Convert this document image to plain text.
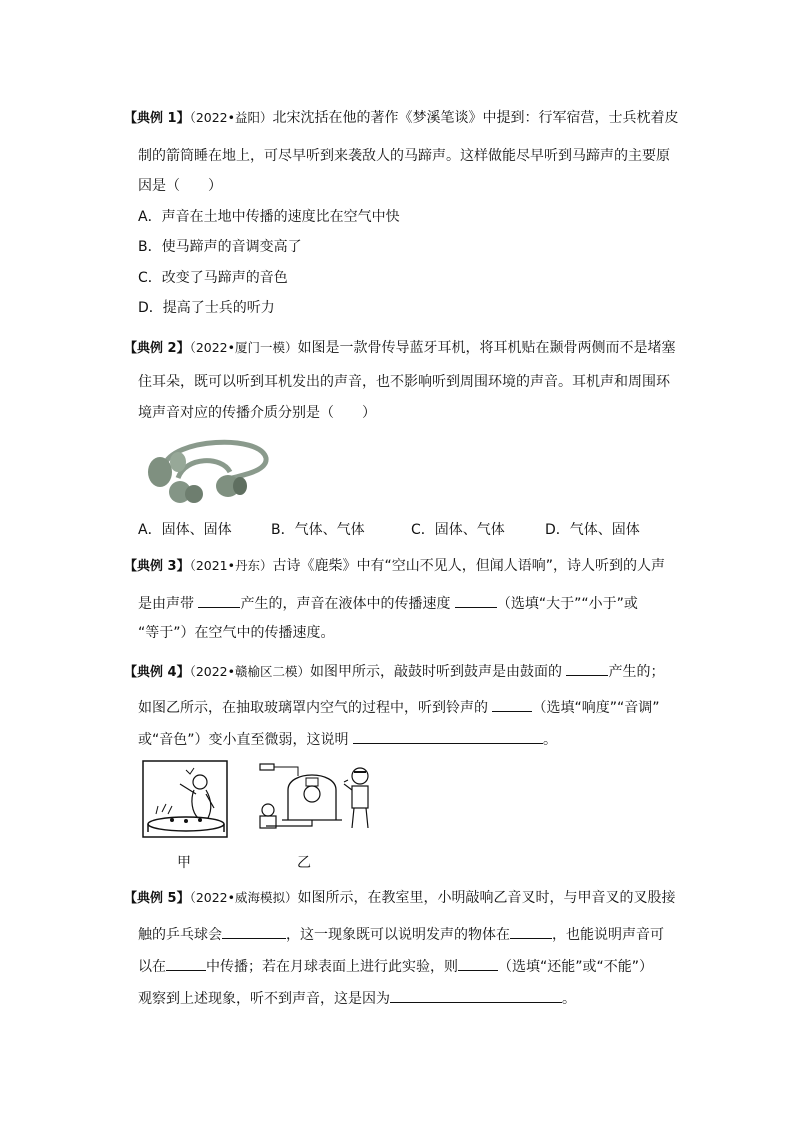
【典例 1】（2022•益阳）北宋沈括在他的著作《梦溪笔谈》中提到：行军宿营，士兵枕着皮
制的箭筒睡在地上，可尽早听到来袭敌人的马蹄声。这样做能尽早听到马蹄声的主要原
因是（　　）
A．声音在土地中传播的速度比在空气中快
B．使马蹄声的音调变高了
C．改变了马蹄声的音色
D．提高了士兵的听力
【典例 2】（2022•厦门一模）如图是一款骨传导蓝牙耳机，将耳机贴在颞骨两侧而不是堵塞
住耳朵，既可以听到耳机发出的声音，也不影响听到周围环境的声音。耳机声和周围环
境声音对应的传播介质分别是（　　）
A．固体、固体	B．气体、气体	C．固体、气体	D．气体、固体
【典例 3】（2021•丹东）古诗《鹿柴》中有“空山不见人，但闻人语响”，诗人听到的人声
是由声带	产生的，声音在液体中的传播速度	（选填“大于”“小于”或
“等于”）在空气中的传播速度。
【典例 4】（2022•赣榆区二模）如图甲所示，敲鼓时听到鼓声是由鼓面的	产生的；
如图乙所示，在抽取玻璃罩内空气的过程中，听到铃声的	（选填“响度”“音调”
或“音色”）变小直至微弱，这说明	。
甲	乙
【典例 5】（2022•威海模拟）如图所示，在教室里，小明敲响乙音叉时，与甲音叉的叉股接
触的乒乓球会	，这一现象既可以说明发声的物体在	，也能说明声音可
以在	中传播；若在月球表面上进行此实验，则	（选填“还能”或“不能”）
观察到上述现象，听不到声音，这是因为	。
